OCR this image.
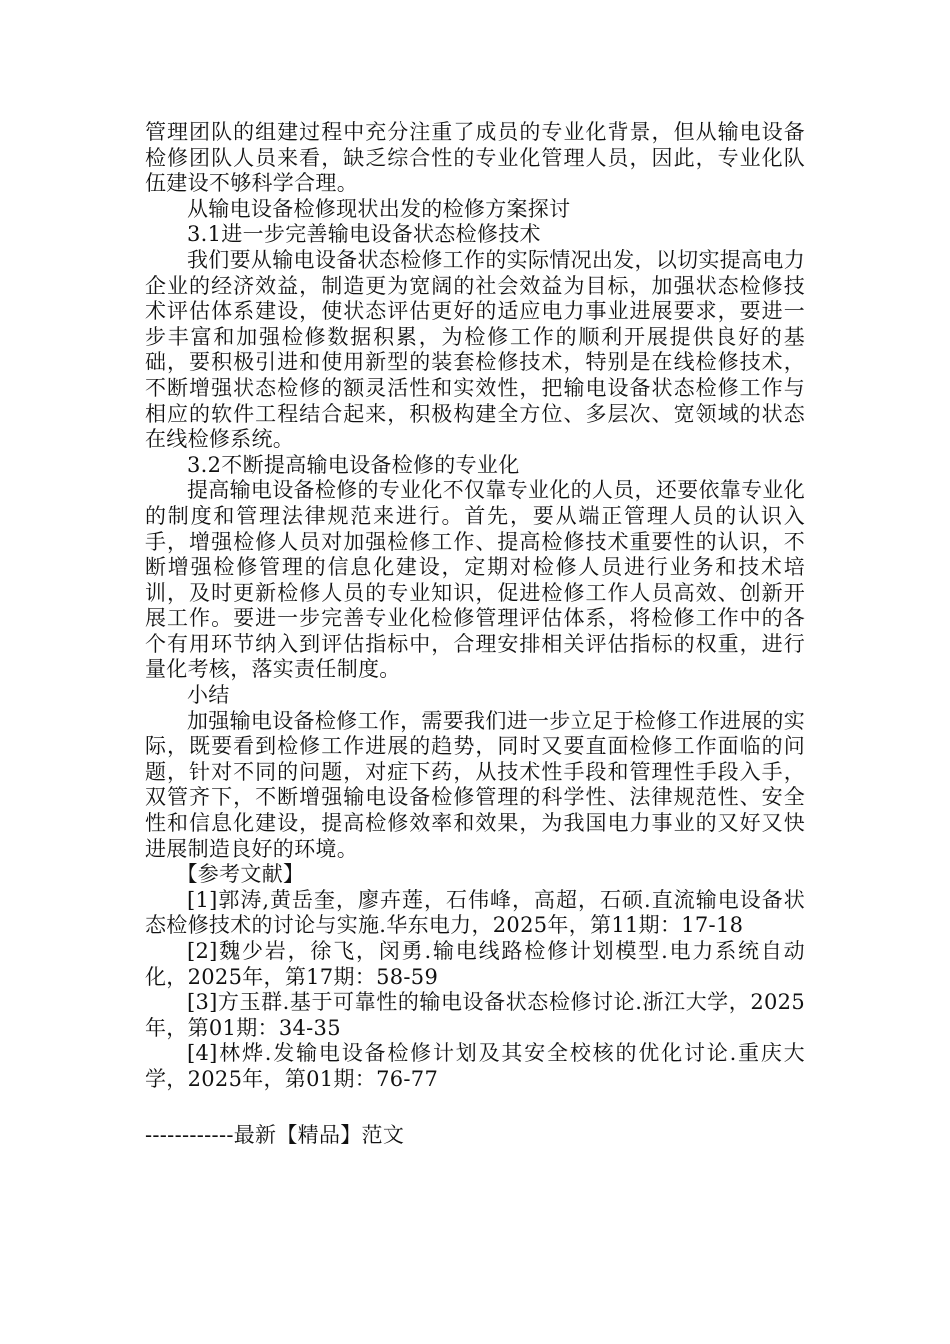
管理团队的组建过程中充分注重了成员的专业化背景，但从输电设备检修团队人员来看，缺乏综合性的专业化管理人员，因此，专业化队伍建设不够科学合理。

从输电设备检修现状出发的检修方案探讨

3.1进一步完善输电设备状态检修技术

我们要从输电设备状态检修工作的实际情况出发，以切实提高电力企业的经济效益，制造更为宽阔的社会效益为目标，加强状态检修技术评估体系建设，使状态评估更好的适应电力事业进展要求，要进一步丰富和加强检修数据积累，为检修工作的顺利开展提供良好的基础，要积极引进和使用新型的装套检修技术，特别是在线检修技术，不断增强状态检修的额灵活性和实效性，把输电设备状态检修工作与相应的软件工程结合起来，积极构建全方位、多层次、宽领域的状态在线检修系统。

3.2不断提高输电设备检修的专业化

提高输电设备检修的专业化不仅靠专业化的人员，还要依靠专业化的制度和管理法律规范来进行。首先，要从端正管理人员的认识入手，增强检修人员对加强检修工作、提高检修技术重要性的认识，不断增强检修管理的信息化建设，定期对检修人员进行业务和技术培训，及时更新检修人员的专业知识，促进检修工作人员高效、创新开展工作。要进一步完善专业化检修管理评估体系，将检修工作中的各个有用环节纳入到评估指标中，合理安排相关评估指标的权重，进行量化考核，落实责任制度。

小结

加强输电设备检修工作，需要我们进一步立足于检修工作进展的实际，既要看到检修工作进展的趋势，同时又要直面检修工作面临的问题，针对不同的问题，对症下药，从技术性手段和管理性手段入手，双管齐下，不断增强输电设备检修管理的科学性、法律规范性、安全性和信息化建设，提高检修效率和效果，为我国电力事业的又好又快进展制造良好的环境。

【参考文献】

[1]郭涛,黄岳奎，廖卉莲，石伟峰，高超，石硕.直流输电设备状态检修技术的讨论与实施.华东电力，2025年，第11期：17-18

[2]魏少岩，徐飞，闵勇.输电线路检修计划模型.电力系统自动化，2025年，第17期：58-59

[3]方玉群.基于可靠性的输电设备状态检修讨论.浙江大学，2025年，第01期：34-35

[4]林烨.发输电设备检修计划及其安全校核的优化讨论.重庆大学，2025年，第01期：76-77

------------最新【精品】范文
